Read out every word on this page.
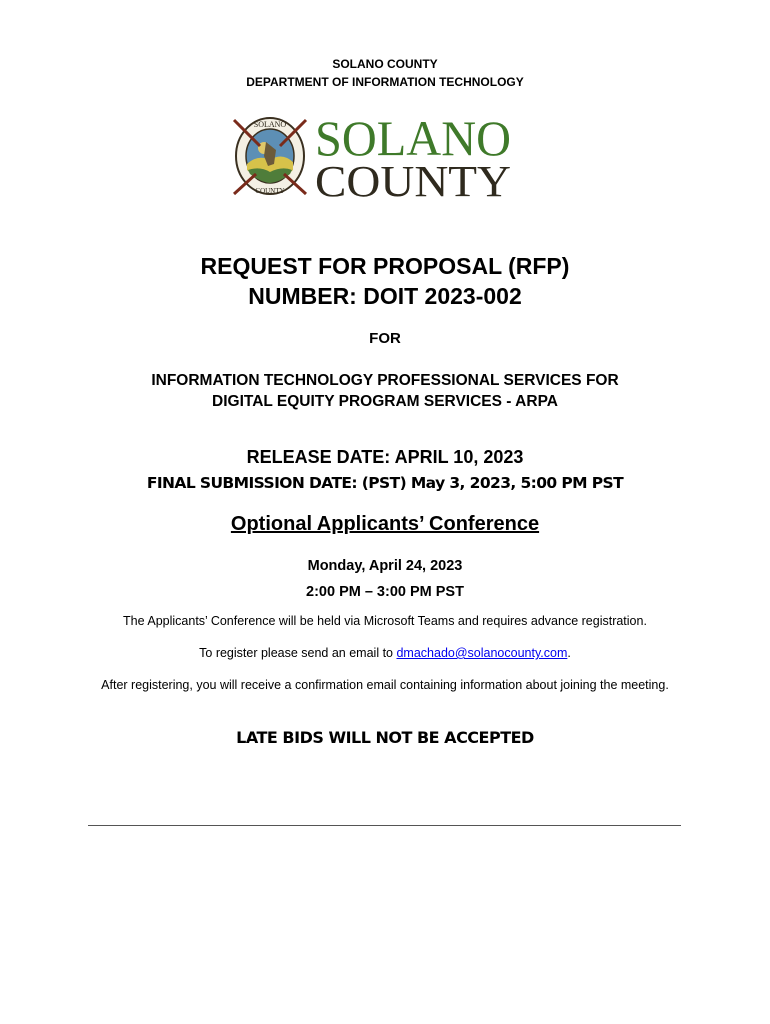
SOLANO COUNTY
DEPARTMENT OF INFORMATION TECHNOLOGY
SOLANO
COUNTY
SOLANO
COUNTY
REQUEST FOR PROPOSAL (RFP)
NUMBER: DOIT 2023-002
FOR
INFORMATION TECHNOLOGY PROFESSIONAL SERVICES FOR
DIGITAL EQUITY PROGRAM SERVICES - ARPA
RELEASE DATE: APRIL 10, 2023
FINAL SUBMISSION DATE: (PST) May 3, 2023, 5:00 PM PST
Optional Applicants’ Conference
Monday, April 24, 2023
2:00 PM – 3:00 PM PST
The Applicants’ Conference will be held via Microsoft Teams and requires advance registration.
To register please send an email to dmachado@solanocounty.com.
After registering, you will receive a confirmation email containing information about joining the meeting.
LATE BIDS WILL NOT BE ACCEPTED
